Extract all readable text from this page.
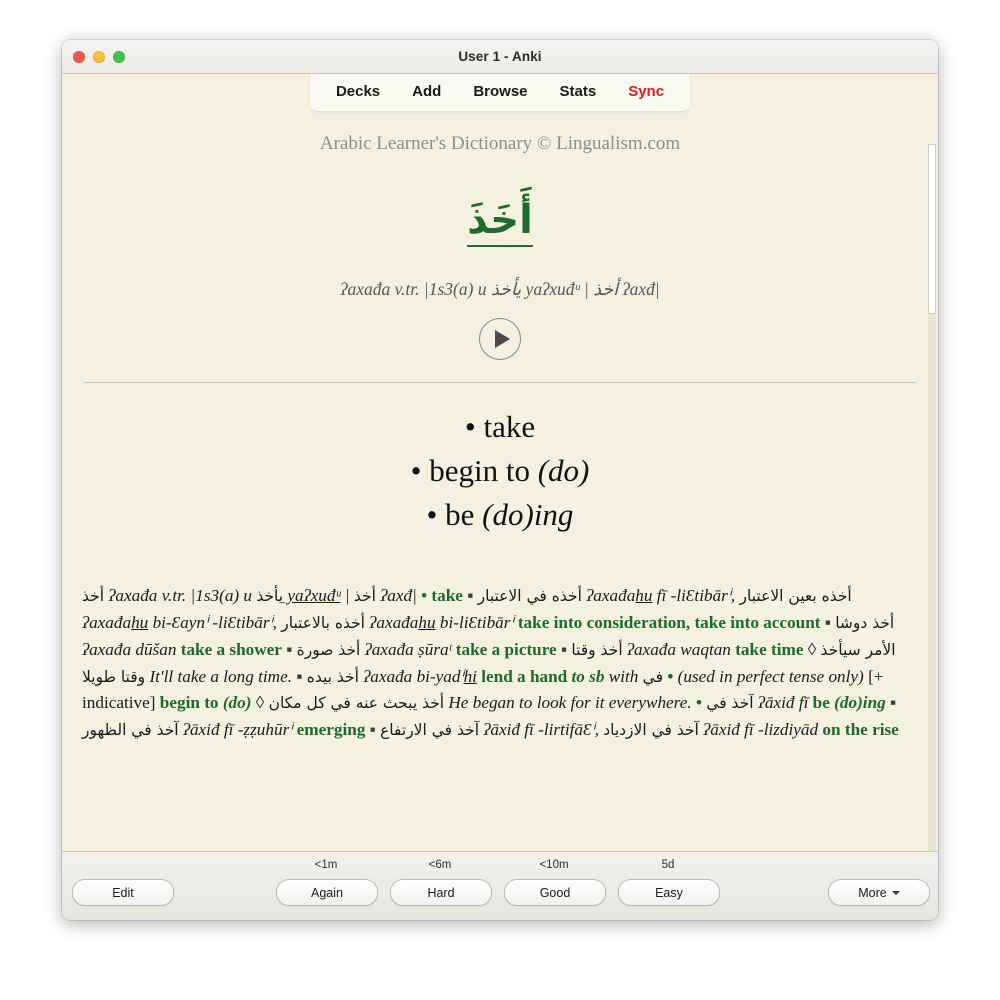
User 1 - Anki
Decks Add Browse Stats Sync
Arabic Learner's Dictionary © Lingualism.com
أَخَذَ
ʔaxađa v.tr. |1s3(a) u يأخذ yaʔxuđᵘ | أخذ ʔaxđ|
• take
• begin to (do)
• be (do)ing
أخذ ʔaxađa v.tr. |1s3(a) u يأخذ yaʔxuđᵘ | أخذ ʔaxđ| • take ▪ أخذه في الاعتبار ʔaxađahu fī -liƐtibārⁱ, أخذه بعين الاعتبار ʔaxađahu bi-Ɛaynⁱ -liƐtibārⁱ, أخذه بالاعتبار ʔaxađahu bi-liƐtibārⁱ take into consideration, take into account ▪ أخذ دوشا ʔaxađa dūšan take a shower ▪ أخذ صورة ʔaxađa ṣūraᵗ take a picture ▪ أخذ وقتا ʔaxađa waqtan take time ◊ الأمر سيأخذ وقتا طويلا It'll take a long time. ▪ أخذ بيده ʔaxađa bi-yadⁱhi lend a hand to sb with في • (used in perfect tense only) [+ indicative] begin to (do) ◊ أخذ يبحث عنه في كل مكان He began to look for it everywhere. • آخذ في ʔāxiđ fī be (do)ing ▪ آخذ في الظهور ʔāxiđ fī -ẓẓuhūrⁱ emerging ▪ آخذ في الارتفاع ʔāxiđ fī -lirtifāƐⁱ, آخذ في الازدياد ʔāxiđ fī -lizdiyād on the rise
Edit
<1m
Again
<6m
Hard
<10m
Good
5d
Easy	More
